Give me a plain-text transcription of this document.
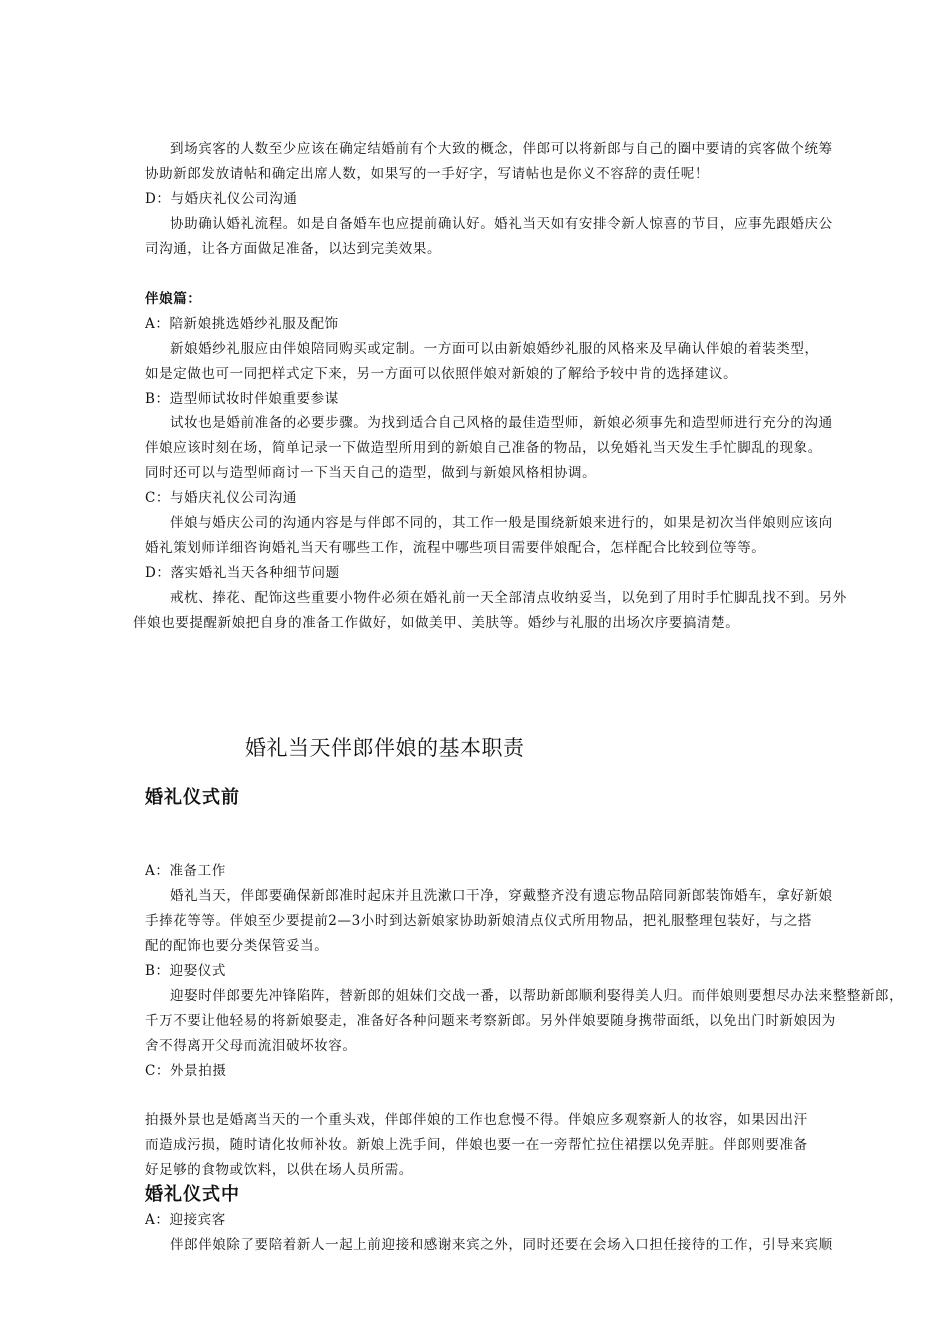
到场宾客的人数至少应该在确定结婚前有个大致的概念，伴郎可以将新郎与自己的圈中要请的宾客做个统筹
协助新郎发放请帖和确定出席人数，如果写的一手好字，写请帖也是你义不容辞的责任呢！
D：与婚庆礼仪公司沟通
协助确认婚礼流程。如是自备婚车也应提前确认好。婚礼当天如有安排令新人惊喜的节目，应事先跟婚庆公
司沟通，让各方面做足准备，以达到完美效果。
伴娘篇：
A：陪新娘挑选婚纱礼服及配饰
新娘婚纱礼服应由伴娘陪同购买或定制。一方面可以由新娘婚纱礼服的风格来及早确认伴娘的着装类型，
如是定做也可一同把样式定下来，另一方面可以依照伴娘对新娘的了解给予较中肯的选择建议。
B：造型师试妆时伴娘重要参谋
试妆也是婚前准备的必要步骤。为找到适合自己风格的最佳造型师，新娘必须事先和造型师进行充分的沟通
伴娘应该时刻在场，简单记录一下做造型所用到的新娘自己准备的物品，以免婚礼当天发生手忙脚乱的现象。
同时还可以与造型师商讨一下当天自己的造型，做到与新娘风格相协调。
C：与婚庆礼仪公司沟通
伴娘与婚庆公司的沟通内容是与伴郎不同的，其工作一般是围绕新娘来进行的，如果是初次当伴娘则应该向
婚礼策划师详细咨询婚礼当天有哪些工作，流程中哪些项目需要伴娘配合，怎样配合比较到位等等。
D：落实婚礼当天各种细节问题
戒枕、捧花、配饰这些重要小物件必须在婚礼前一天全部清点收纳妥当，以免到了用时手忙脚乱找不到。另外
伴娘也要提醒新娘把自身的准备工作做好，如做美甲、美肤等。婚纱与礼服的出场次序要搞清楚。
婚礼当天伴郎伴娘的基本职责
婚礼仪式前
A：准备工作
婚礼当天，伴郎要确保新郎准时起床并且洗漱口干净，穿戴整齐没有遗忘物品陪同新郎装饰婚车，拿好新娘
手捧花等等。伴娘至少要提前2—3小时到达新娘家协助新娘清点仪式所用物品，把礼服整理包装好，与之搭
配的配饰也要分类保管妥当。
B：迎娶仪式
迎娶时伴郎要先冲锋陷阵，替新郎的姐妹们交战一番，以帮助新郎顺利娶得美人归。而伴娘则要想尽办法来整整新郎，
千万不要让他轻易的将新娘娶走，准备好各种问题来考察新郎。另外伴娘要随身携带面纸，以免出门时新娘因为
舍不得离开父母而流泪破坏妆容。
C：外景拍摄
拍摄外景也是婚离当天的一个重头戏，伴郎伴娘的工作也怠慢不得。伴娘应多观察新人的妆容，如果因出汗
而造成污损，随时请化妆师补妆。新娘上洗手间，伴娘也要一在一旁帮忙拉住裙摆以免弄脏。伴郎则要准备
好足够的食物或饮料，以供在场人员所需。
婚礼仪式中
A：迎接宾客
伴郎伴娘除了要陪着新人一起上前迎接和感谢来宾之外，同时还要在会场入口担任接待的工作，引导来宾顺
